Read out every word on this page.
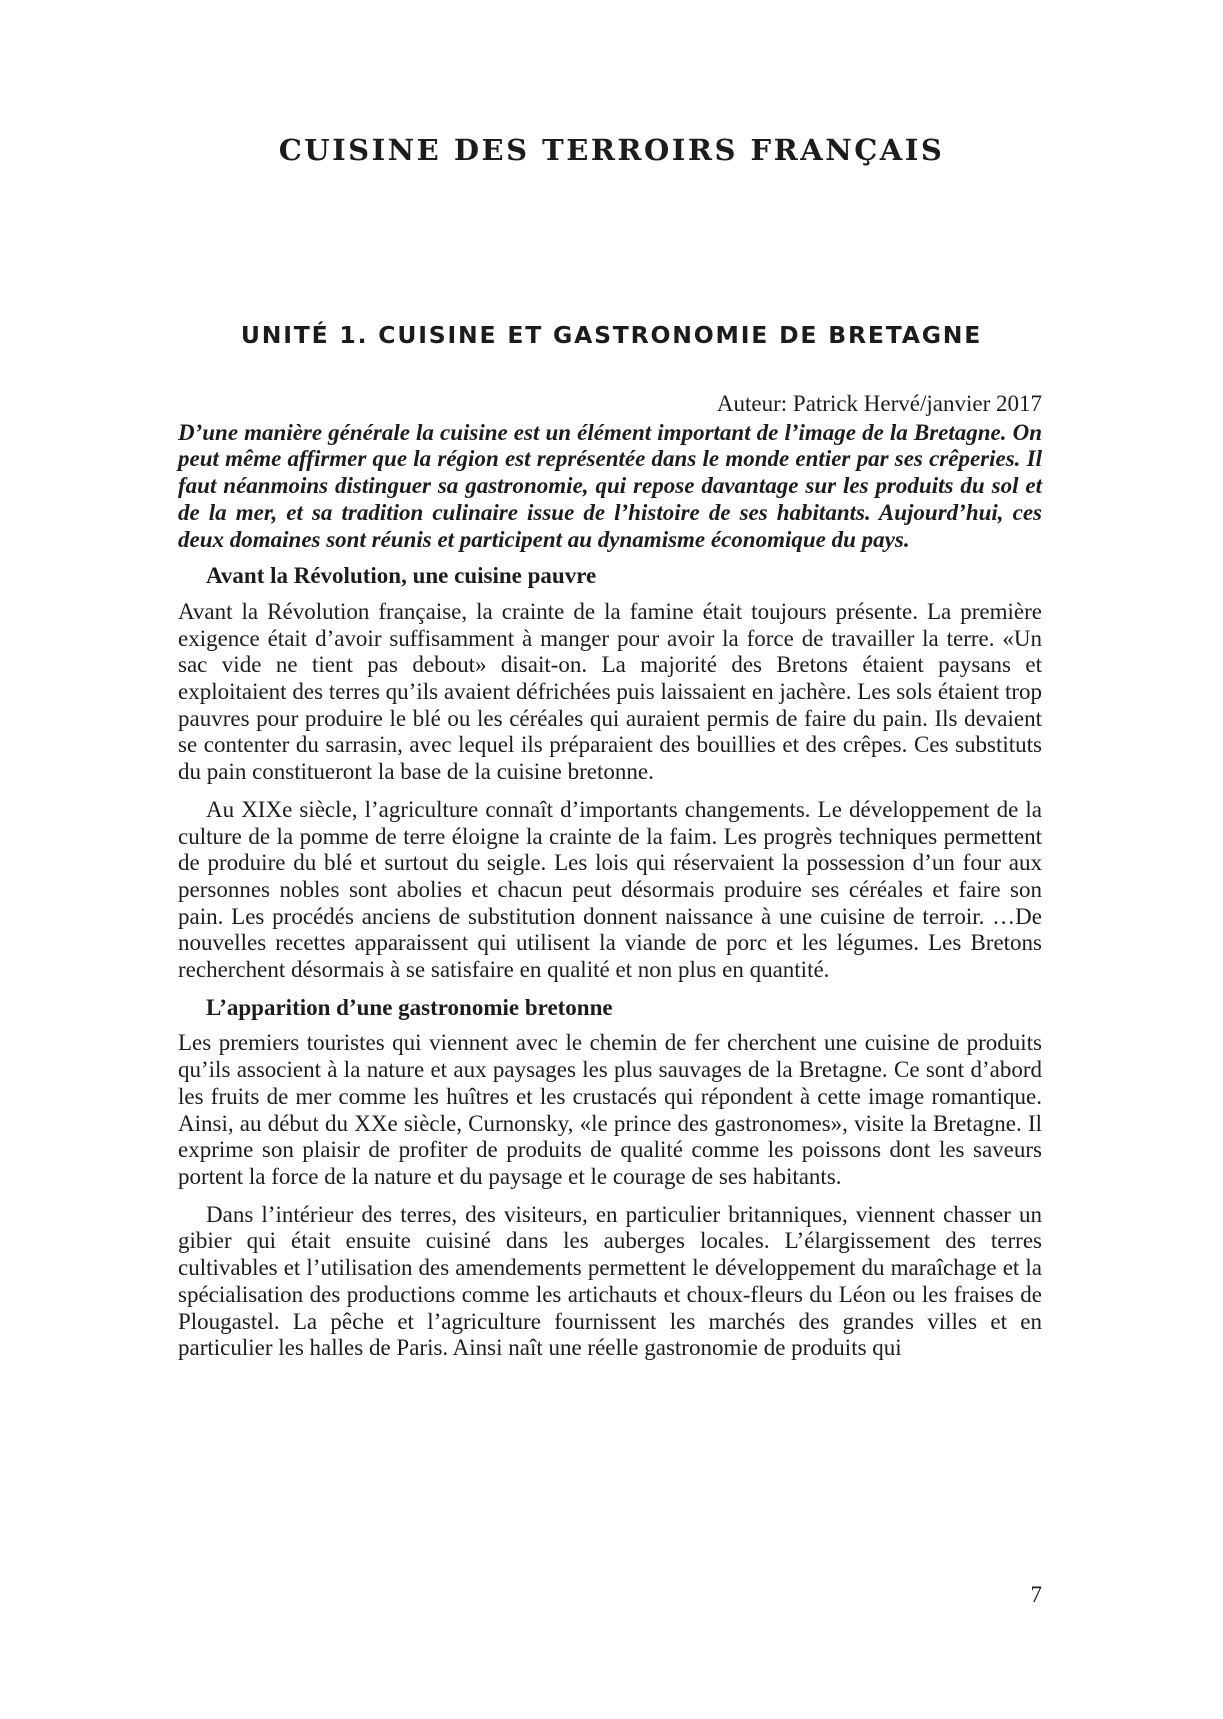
CUISINE DES TERROIRS FRANÇAIS
UNITÉ 1. CUISINE ET GASTRONOMIE DE BRETAGNE

Auteur: Patrick Hervé/janvier 2017

D’une manière générale la cuisine est un élément important de l’image de la Bretagne. On peut même affirmer que la région est représentée dans le monde entier par ses crêperies. Il faut néanmoins distinguer sa gastronomie, qui repose davantage sur les produits du sol et de la mer, et sa tradition culinaire issue de l’histoire de ses habitants. Aujourd’hui, ces deux domaines sont réunis et participent au dynamisme économique du pays.

Avant la Révolution, une cuisine pauvre

Avant la Révolution française, la crainte de la famine était toujours présente. La première exigence était d’avoir suffisamment à manger pour avoir la force de travailler la terre. «Un sac vide ne tient pas debout» disait-on. La majorité des Bretons étaient paysans et exploitaient des terres qu’ils avaient défrichées puis laissaient en jachère. Les sols étaient trop pauvres pour produire le blé ou les céréales qui auraient permis de faire du pain. Ils devaient se contenter du sarrasin, avec lequel ils préparaient des bouillies et des crêpes. Ces substituts du pain constitueront la base de la cuisine bretonne.

Au XIXe siècle, l’agriculture connaît d’importants changements. Le développement de la culture de la pomme de terre éloigne la crainte de la faim. Les progrès techniques permettent de produire du blé et surtout du seigle. Les lois qui réservaient la possession d’un four aux personnes nobles sont abolies et chacun peut désormais produire ses céréales et faire son pain. Les procédés anciens de substitution donnent naissance à une cuisine de terroir. …De nouvelles recettes apparaissent qui utilisent la viande de porc et les légumes. Les Bretons recherchent désormais à se satisfaire en qualité et non plus en quantité.

L’apparition d’une gastronomie bretonne

Les premiers touristes qui viennent avec le chemin de fer cherchent une cuisine de produits qu’ils associent à la nature et aux paysages les plus sauvages de la Bretagne. Ce sont d’abord les fruits de mer comme les huîtres et les crustacés qui répondent à cette image romantique. Ainsi, au début du XXe siècle, Curnonsky, «le prince des gastronomes», visite la Bretagne. Il exprime son plaisir de profiter de produits de qualité comme les poissons dont les saveurs portent la force de la nature et du paysage et le courage de ses habitants.

Dans l’intérieur des terres, des visiteurs, en particulier britanniques, viennent chasser un gibier qui était ensuite cuisiné dans les auberges locales. L’élargissement des terres cultivables et l’utilisation des amendements permettent le développement du maraîchage et la spécialisation des productions comme les artichauts et choux-fleurs du Léon ou les fraises de Plougastel. La pêche et l’agriculture fournissent les marchés des grandes villes et en particulier les halles de Paris. Ainsi naît une réelle gastronomie de produits qui

7
